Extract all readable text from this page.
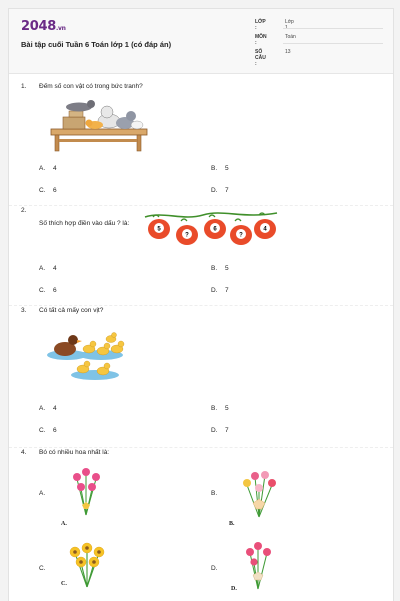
2048.vn
Bài tập cuối Tuần 6 Toán lớp 1 (có đáp án)
LỚP :
Lớp 1
MÔN :
Toán
SỐ CÂU :
13
1. Đếm số con vật có trong bức tranh?
A. 4	B. 5
C. 6	D. 7
2.
Số thích hợp điền vào dấu ? là:
5
?
6
?
4
A. 4	B. 5
C. 6	D. 7
3. Có tất cả mấy con vịt?
A. 4	B. 5
C. 6	D. 7
4. Bó có nhiều hoa nhất là:
A.
A.
B.
B.
C.
C.
D.
D.
